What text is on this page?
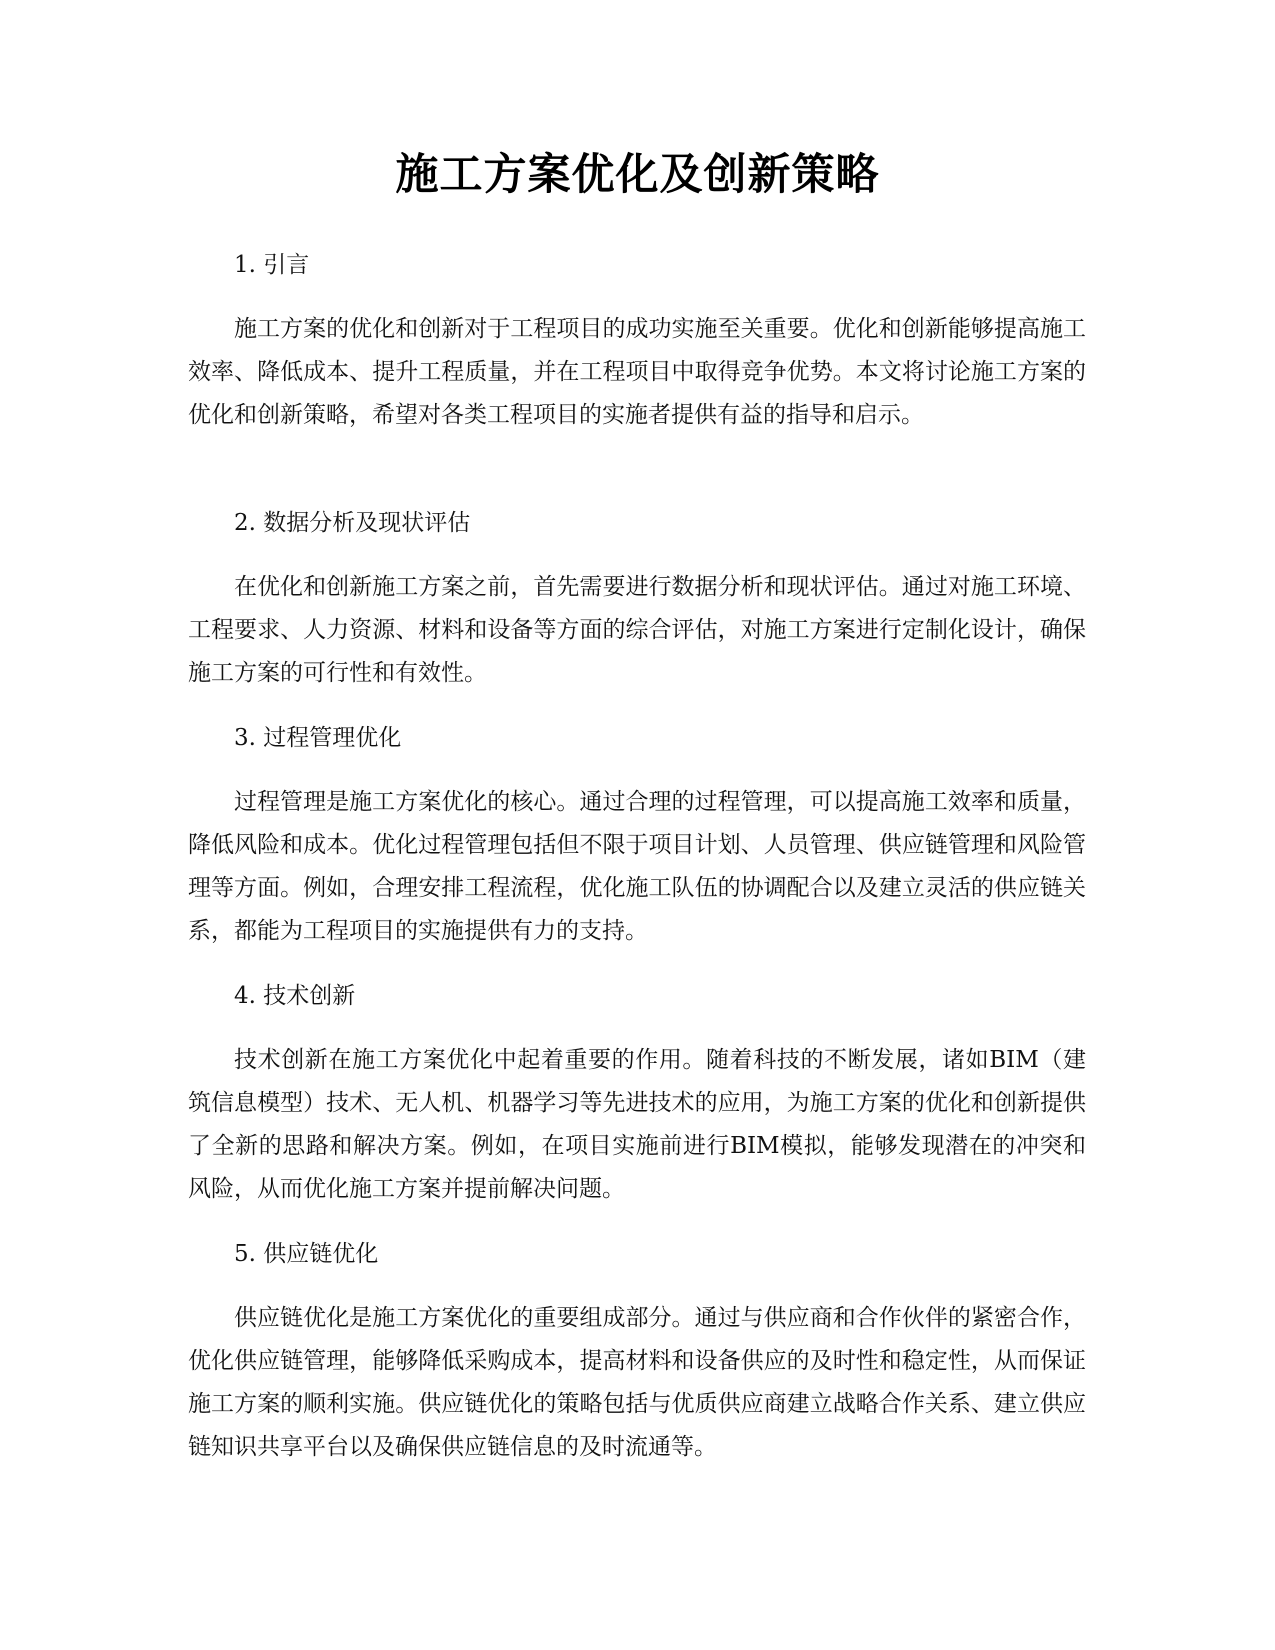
施工方案优化及创新策略

1. 引言

施工方案的优化和创新对于工程项目的成功实施至关重要。优化和创新能够提高施工效率、降低成本、提升工程质量，并在工程项目中取得竞争优势。本文将讨论施工方案的优化和创新策略，希望对各类工程项目的实施者提供有益的指导和启示。

2. 数据分析及现状评估

在优化和创新施工方案之前，首先需要进行数据分析和现状评估。通过对施工环境、工程要求、人力资源、材料和设备等方面的综合评估，对施工方案进行定制化设计，确保施工方案的可行性和有效性。

3. 过程管理优化

过程管理是施工方案优化的核心。通过合理的过程管理，可以提高施工效率和质量，降低风险和成本。优化过程管理包括但不限于项目计划、人员管理、供应链管理和风险管理等方面。例如，合理安排工程流程，优化施工队伍的协调配合以及建立灵活的供应链关系，都能为工程项目的实施提供有力的支持。

4. 技术创新

技术创新在施工方案优化中起着重要的作用。随着科技的不断发展，诸如BIM（建筑信息模型）技术、无人机、机器学习等先进技术的应用，为施工方案的优化和创新提供了全新的思路和解决方案。例如，在项目实施前进行BIM模拟，能够发现潜在的冲突和风险，从而优化施工方案并提前解决问题。

5. 供应链优化

供应链优化是施工方案优化的重要组成部分。通过与供应商和合作伙伴的紧密合作，优化供应链管理，能够降低采购成本，提高材料和设备供应的及时性和稳定性，从而保证施工方案的顺利实施。供应链优化的策略包括与优质供应商建立战略合作关系、建立供应链知识共享平台以及确保供应链信息的及时流通等。
